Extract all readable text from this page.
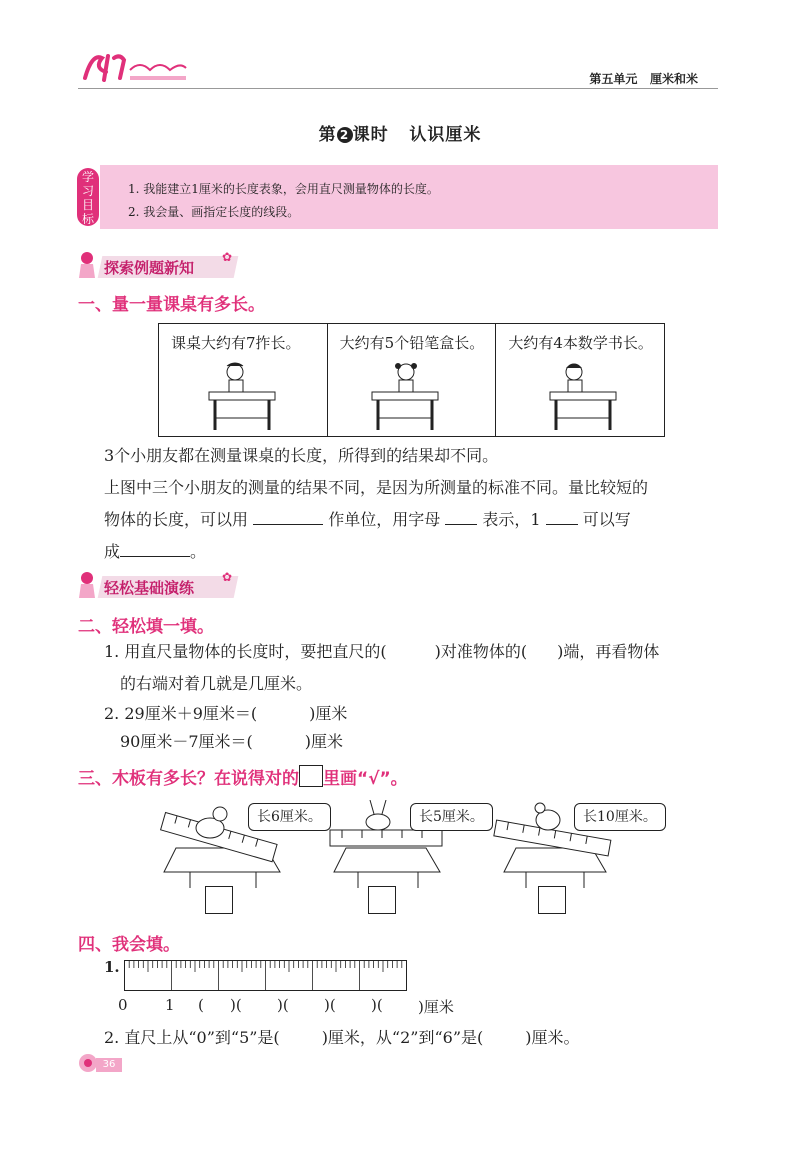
第五单元 厘米和米
第 2 课时 认识厘米
学习目标
1. 我能建立1厘米的长度表象，会用直尺测量物体的长度。
2. 我会量、画指定长度的线段。
探索例题新知
✿
一、量一量课桌有多长。
课桌大约有7拃长。	大约有5个铅笔盒长。 大约有4本数学书长。
3个小朋友都在测量课桌的长度，所得到的结果却不同。
上图中三个小朋友的测量的结果不同，是因为所测量的标准不同。量比较短的
物体的长度，可以用	作单位，用字母	表示，1	可以写
成	。
轻松基础演练
✿
二、轻松填一填。
1. 用直尺量物体的长度时，要把直尺的(	)对准物体的( )端，再看物体
的右端对着几就是几厘米。
2. 29厘米＋9厘米＝(	)厘米
90厘米－7厘米＝(	)厘米
三、木板有多长？在说得对的 里画“√”。
长6厘米。	长5厘米。	长10厘米。
四、我会填。
1.
0 1 ( )( )( )( )( )厘米
2. 直尺上从“0”到“5”是(	)厘米，从“2”到“6”是(	)厘米。
36
